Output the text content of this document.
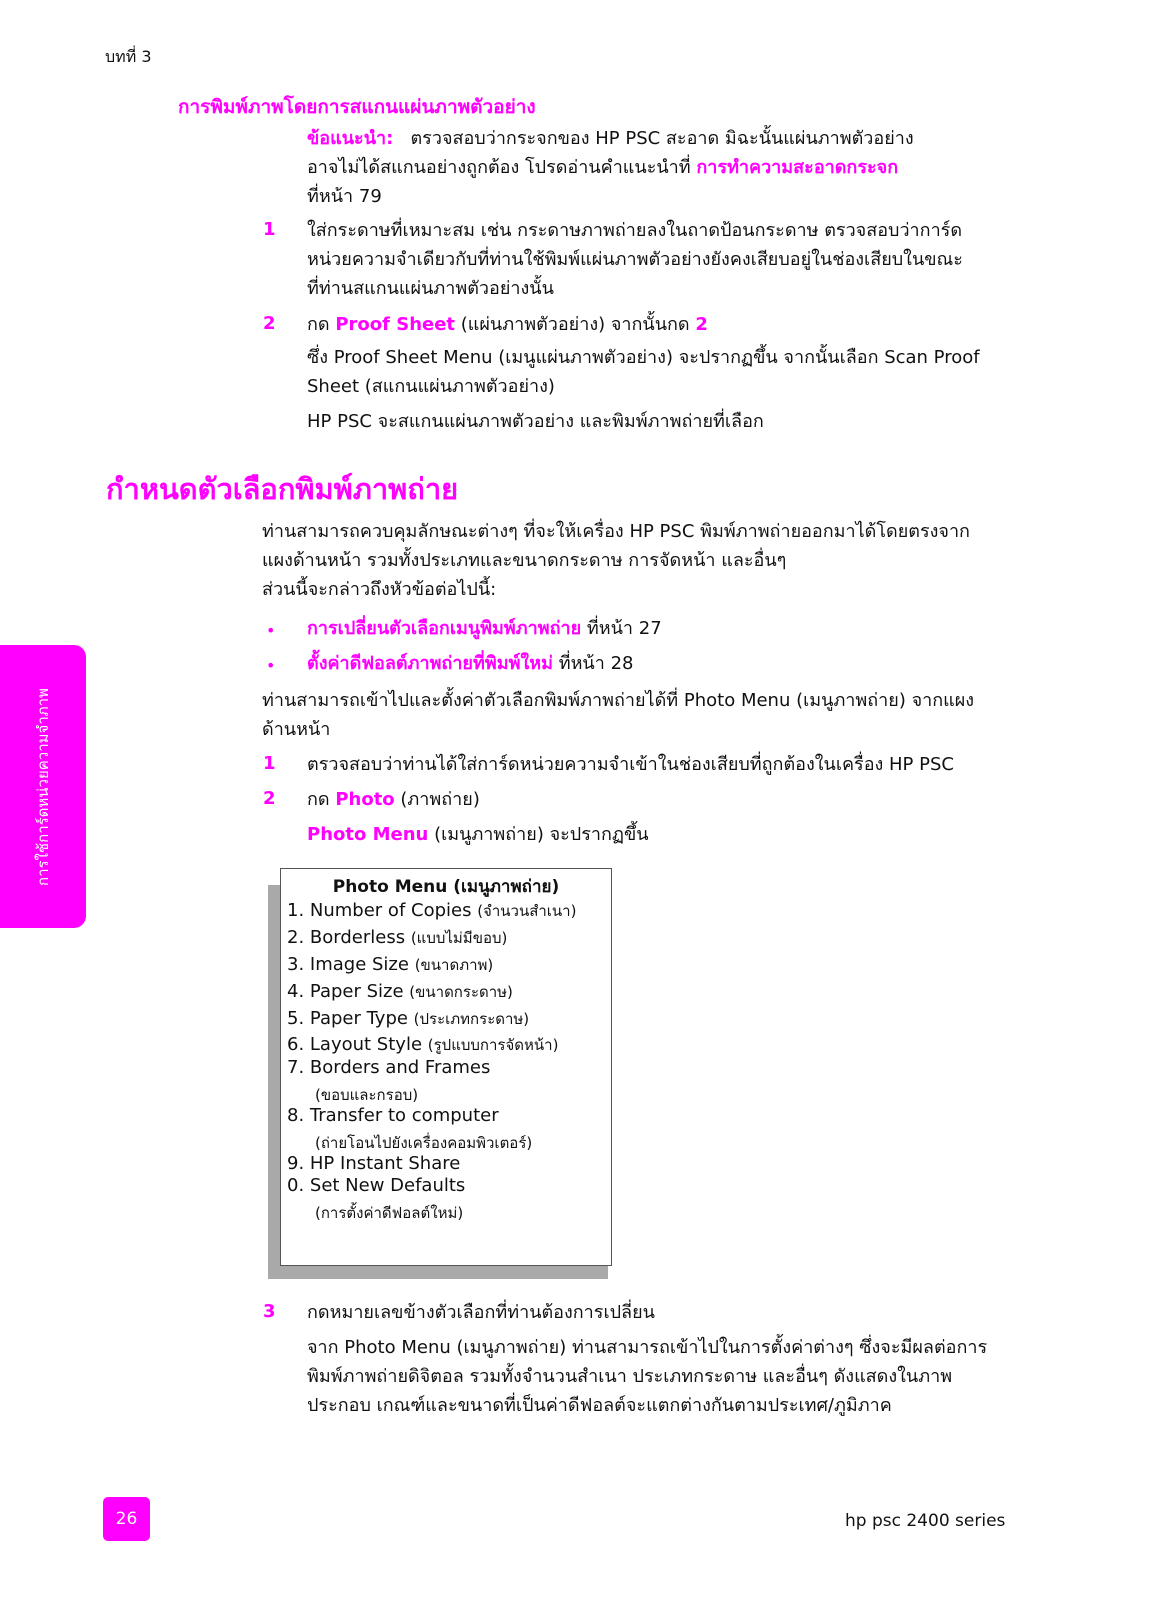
บทที่ 3
การพิมพ์ภาพโดยการสแกนแผ่นภาพตัวอย่าง
ข้อแนะนำ: ตรวจสอบว่ากระจกของ HP PSC สะอาด มิฉะนั้นแผ่นภาพตัวอย่าง
อาจไม่ได้สแกนอย่างถูกต้อง โปรดอ่านคำแนะนำที่ การทำความสะอาดกระจก
ที่หน้า 79
1 ใส่กระดาษที่เหมาะสม เช่น กระดาษภาพถ่ายลงในถาดป้อนกระดาษ ตรวจสอบว่าการ์ด
หน่วยความจำเดียวกับที่ท่านใช้พิมพ์แผ่นภาพตัวอย่างยังคงเสียบอยู่ในช่องเสียบในขณะ
ที่ท่านสแกนแผ่นภาพตัวอย่างนั้น
2 กด Proof Sheet (แผ่นภาพตัวอย่าง) จากนั้นกด 2
ซึ่ง Proof Sheet Menu (เมนูแผ่นภาพตัวอย่าง) จะปรากฏขึ้น จากนั้นเลือก Scan Proof
Sheet (สแกนแผ่นภาพตัวอย่าง)
HP PSC จะสแกนแผ่นภาพตัวอย่าง และพิมพ์ภาพถ่ายที่เลือก
กำหนดตัวเลือกพิมพ์ภาพถ่าย
ท่านสามารถควบคุมลักษณะต่างๆ ที่จะให้เครื่อง HP PSC พิมพ์ภาพถ่ายออกมาได้โดยตรงจาก
แผงด้านหน้า รวมทั้งประเภทและขนาดกระดาษ การจัดหน้า และอื่นๆ
ส่วนนี้จะกล่าวถึงหัวข้อต่อไปนี้:
• การเปลี่ยนตัวเลือกเมนูพิมพ์ภาพถ่าย ที่หน้า 27
• ตั้งค่าดีฟอลต์ภาพถ่ายที่พิมพ์ใหม่ ที่หน้า 28
ท่านสามารถเข้าไปและตั้งค่าตัวเลือกพิมพ์ภาพถ่ายได้ที่ Photo Menu (เมนูภาพถ่าย) จากแผง
ด้านหน้า
1 ตรวจสอบว่าท่านได้ใส่การ์ดหน่วยความจำเข้าในช่องเสียบที่ถูกต้องในเครื่อง HP PSC
2 กด Photo (ภาพถ่าย)
Photo Menu (เมนูภาพถ่าย) จะปรากฏขึ้น
Photo Menu (เมนูภาพถ่าย)
1. Number of Copies (จำนวนสำเนา)
2. Borderless (แบบไม่มีขอบ)
3. Image Size (ขนาดภาพ)
4. Paper Size (ขนาดกระดาษ)
5. Paper Type (ประเภทกระดาษ)
6. Layout Style (รูปแบบการจัดหน้า)
7. Borders and Frames
(ขอบและกรอบ)
8. Transfer to computer
(ถ่ายโอนไปยังเครื่องคอมพิวเตอร์)
9. HP Instant Share
0. Set New Defaults
(การตั้งค่าดีฟอลต์ใหม่)
3 กดหมายเลขข้างตัวเลือกที่ท่านต้องการเปลี่ยน
จาก Photo Menu (เมนูภาพถ่าย) ท่านสามารถเข้าไปในการตั้งค่าต่างๆ ซึ่งจะมีผลต่อการ
พิมพ์ภาพถ่ายดิจิตอล รวมทั้งจำนวนสำเนา ประเภทกระดาษ และอื่นๆ ดังแสดงในภาพ
ประกอบ เกณฑ์และขนาดที่เป็นค่าดีฟอลต์จะแตกต่างกันตามประเทศ/ภูมิภาค
การใช้การ์ดหน่วยความจำภาพ
26	hp psc 2400 series
